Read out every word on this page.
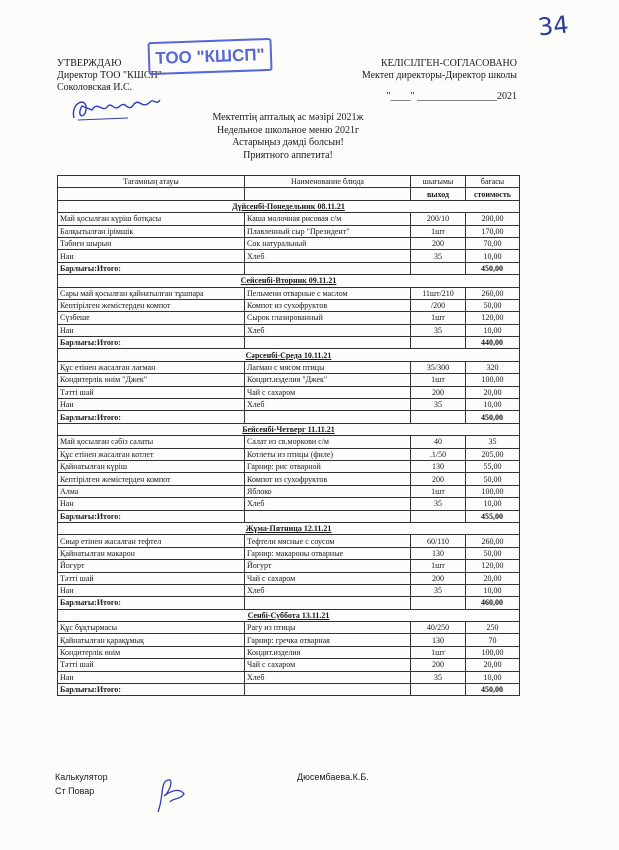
34
УТВЕРЖДАЮ
Директор ТОО "КШСП"
Соколовская И.С.
ТОО "КШСП"	КЕЛІСІЛГЕН-СОГЛАСОВАНО
Мектеп директоры-Директор школы
"____" ________________2021
Мектептің апталық ас мәзірі 2021ж
Недельное школьное меню 2021г
Астарыңыз дәмді болсын!
Приятного аппетита!
Тағамның атауы	Наименование блюда	шығымы	бағасы
		выход	стоимость
Дүйсенбі-Понедельник 08.11.21			
Май қосылған күріш ботқасы	Каша молочная рисовая с/м	200/10	200,00
Балқытылған ірімшік	Плавленный сыр "Президент"	1шт	170,00
Табиғи шырын	Сок натуральный	200	70,00
Нан	Хлеб	35	10,00
Барлығы:Итого:			450,00
Сейсенбі-Вторник 09.11.21			
Сары май қосылған қайнатылған тұшпара	Пельмени отварные с маслом	11шт/210	260,00
Кептірілген жемістерден компот	Компот из сухофруктов	/200	50,00
Сүзбеше	Сырок глазированный	1шт	120,00
Нан	Хлеб	35	10,00
Барлығы:Итого:			440,00
Сәрсенбі-Среда 10.11.21			
Құс етінен жасалған лағман	Лагман с мясом птицы	35/300	320
Кондитерлік өнім "Джек"	Кондит.изделия "Джек"	1шт	100,00
Тәтті шай	Чай с сахаром	200	20,00
Нан	Хлеб	35	10,00
Барлығы:Итого:			450,00
Бейсенбі-Четверг 11.11.21			
Май қосылған сәбіз салаты	Салат из св.моркови с/м	40	35
Құс етінен жасалған котлет	Котлеты из птицы (филе)	.1/50	205,00
Қайнатылған күріш	Гарнир: рис отварной	130	55,00
Кептірілген жемістерден компот	Компот из сухофруктов	200	50,00
Алма	Яблоко	1шт	100,00
Нан	Хлеб	35	10,00
Барлығы:Итого:			455,00
Жұма-Пятница 12.11.21			
Сиыр етінен жасалған тефтел	Тефтели мясные с соусом	60/110	260,00
Қайнатылған макарон	Гарнир: макароны отварные	130	50,00
Йогурт	Йогурт	1шт	120,00
Тәтті шай	Чай с сахаром	200	20,00
Нан	Хлеб	35	10,00
Барлығы:Итого:			460,00
Сенбі-Суббота 13.11.21			
Құс бұқтырмасы	Рагу из птицы	40/250	250
Қайнатылған қарақұмық	Гарнир: гречка отварная	130	70
Кондитерлік өнім	Кондит.изделия	1шт	100,00
Тәтті шай	Чай с сахаром	200	20,00
Нан	Хлеб	35	10,00
Барлығы:Итого:			450,00
Калькулятор
Ст Повар
Дюсембаева.К.Б.
